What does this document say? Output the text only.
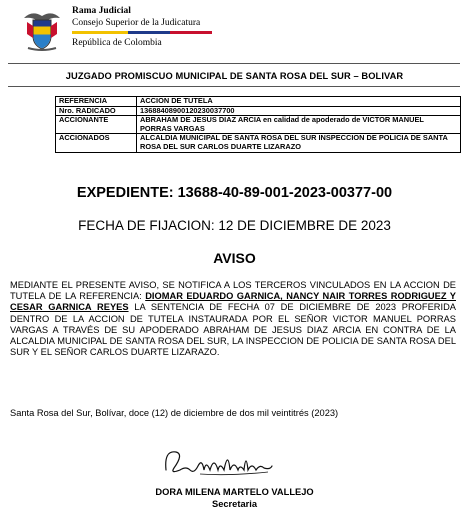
Rama Judicial
Consejo Superior de la Judicatura
República de Colombia
JUZGADO PROMISCUO MUNICIPAL DE SANTA ROSA DEL SUR – BOLIVAR
REFERENCIA	ACCION DE TUTELA
Nro. RADICADO	13688408900120230037700
ACCIONANTE	ABRAHAM DE JESUS DIAZ ARCIA en calidad de apoderado de VICTOR MANUEL PORRAS VARGAS
ACCIONADOS	ALCALDIA MUNICIPAL DE SANTA ROSA DEL SUR INSPECCION DE POLICIA DE SANTA ROSA DEL SUR CARLOS DUARTE LIZARAZO
EXPEDIENTE: 13688-40-89-001-2023-00377-00
FECHA DE FIJACION: 12 DE DICIEMBRE DE 2023
AVISO
MEDIANTE EL PRESENTE AVISO, SE NOTIFICA A LOS TERCEROS VINCULADOS EN LA ACCION DE TUTELA DE LA REFERENCIA: DIOMAR EDUARDO GARNICA, NANCY NAIR TORRES RODRIGUEZ Y CESAR GARNICA REYES LA SENTENCIA DE FECHA 07 DE DICIEMBRE DE 2023 PROFERIDA DENTRO DE LA ACCION DE TUTELA INSTAURADA POR EL SEÑOR VICTOR MANUEL PORRAS VARGAS A TRAVÉS DE SU APODERADO ABRAHAM DE JESUS DIAZ ARCIA EN CONTRA DE LA ALCALDIA MUNICIPAL DE SANTA ROSA DEL SUR, LA INSPECCION DE POLICIA DE SANTA ROSA DEL SUR Y EL SEÑOR CARLOS DUARTE LIZARAZO.
Santa Rosa del Sur, Bolívar, doce (12) de diciembre de dos mil veintitrés (2023)
DORA MILENA MARTELO VALLEJO
Secretaria
